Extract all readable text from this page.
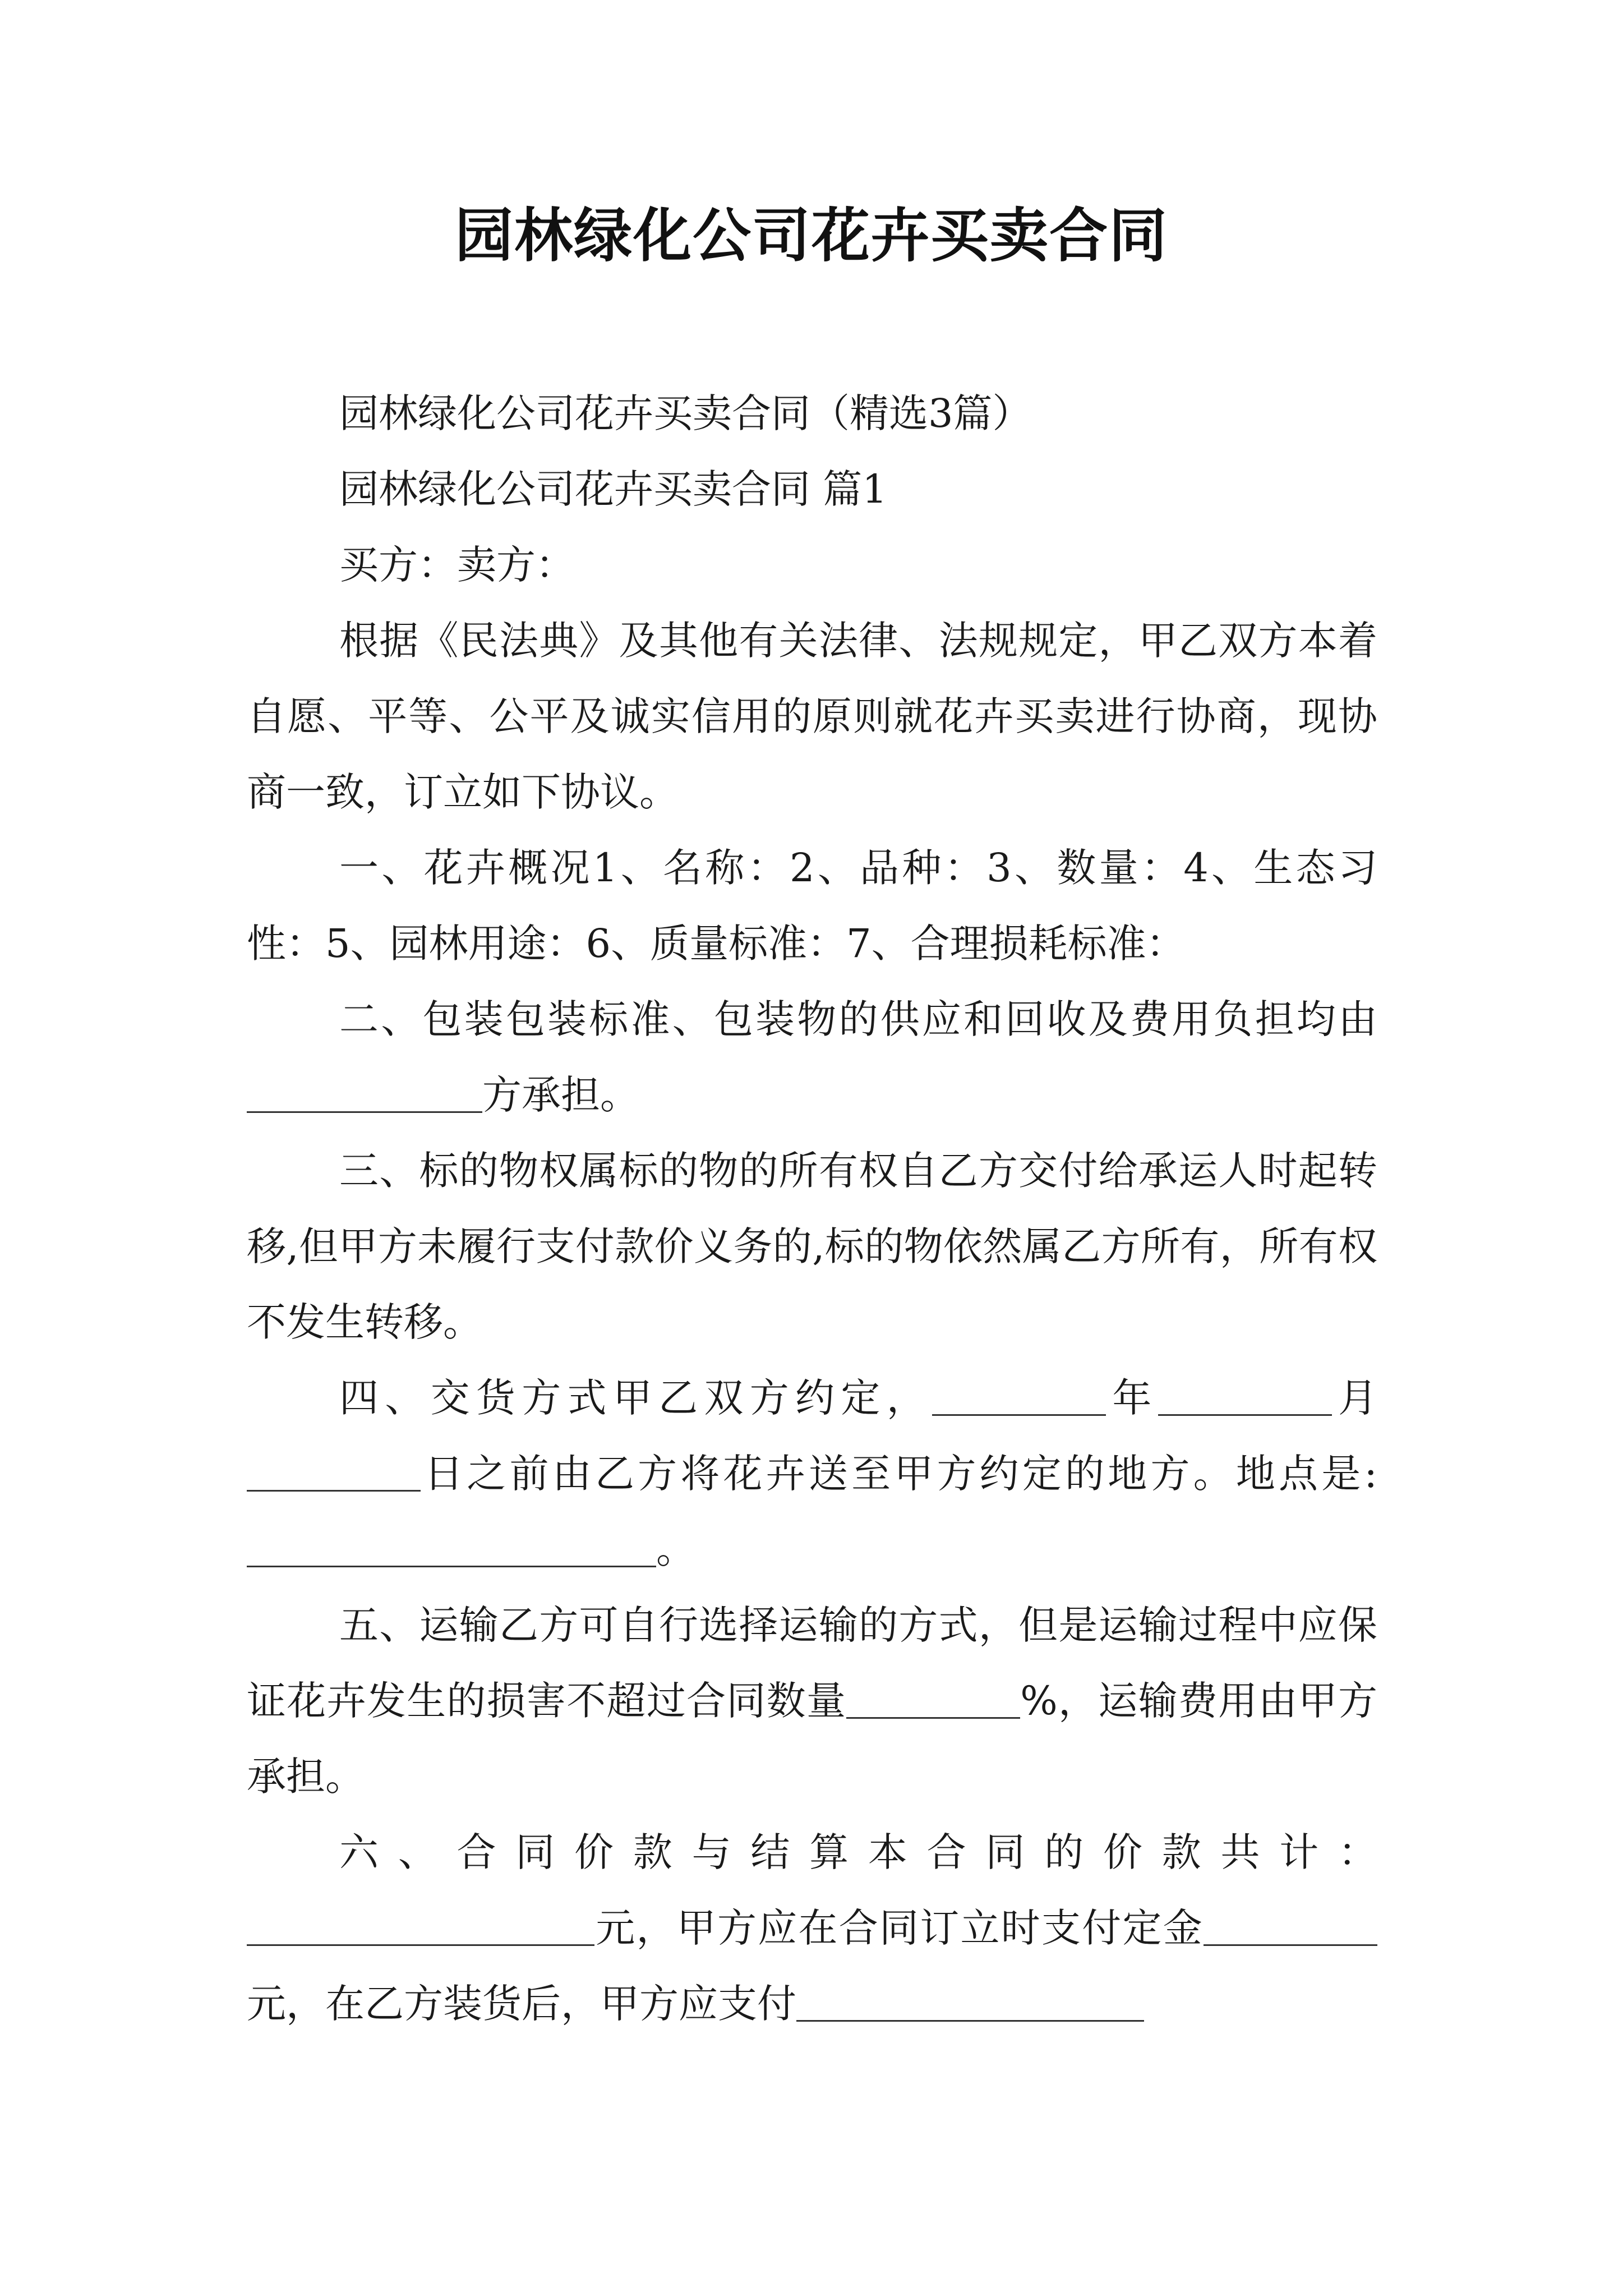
园林绿化公司花卉买卖合同

园林绿化公司花卉买卖合同（精选3篇）

园林绿化公司花卉买卖合同 篇1

买方：卖方：

根据《民法典》及其他有关法律、法规规定，甲乙双方本着自愿、平等、公平及诚实信用的原则就花卉买卖进行协商，现协商一致，订立如下协议。

一、花卉概况1、名称：2、品种：3、数量：4、生态习性：5、园林用途：6、质量标准：7、合理损耗标准：

二、包装包装标准、包装物的供应和回收及费用负担均由方承担。

三、标的物权属标的物的所有权自乙方交付给承运人时起转移,但甲方未履行支付款价义务的,标的物依然属乙方所有，所有权不发生转移。

四、交货方式甲乙双方约定，	年	月日之前由乙方将花卉送至甲方约定的地方。地点是:。

五、运输乙方可自行选择运输的方式，但是运输过程中应保证花卉发生的损害不超过合同数量	%，运输费用由甲方承担。

六、合同价款与结算本合同的价款共计：元，甲方应在合同订立时支付定金元，在乙方装货后，甲方应支付
